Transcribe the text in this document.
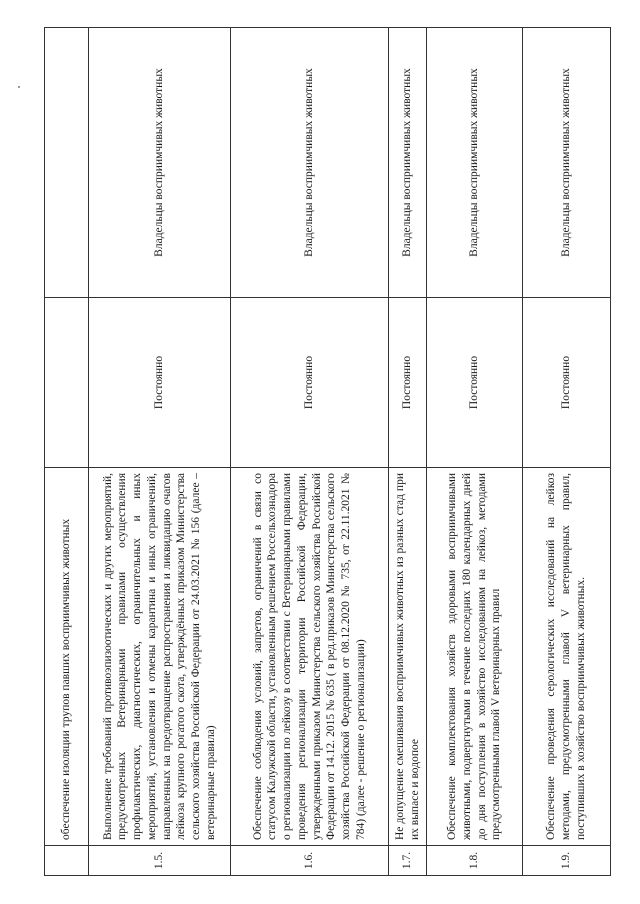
	обеспечение изоляции трупов павших восприимчивых животных		
1.5.	Выполнение требований противоэпизоотических и других мероприятий, предусмотренных Ветеринарными правилами осуществления профилактических, диагностических, ограничительных и иных мероприятий, установления и отмены карантина и иных ограничений, направленных на предотвращение распространения и ликвидацию очагов лейкоза крупного рогатого скота, утверждённых приказом Министерства сельского хозяйства Российской Федерации от 24.03.2021 № 156 (далее – ветеринарные правила)	Постоянно	Владельцы восприимчивых животных
1.6.	Обеспечение соблюдения условий, запретов, ограничений в связи со статусом Калужской области, установленным решением Россельхознадора о регионализации по лейкозу в соответствии с Ветеринарными правилами проведения регионализации территории Российской Федерации, утвержденными приказом Министерства сельского хозяйства Российской Федерации от 14.12. 2015 № 635 ( в ред.приказов Министерства сельского хозяйства Российской Федерации от 08.12.2020 № 735, от 22.11.2021 № 784) (далее - решение о регионализации)	Постоянно	Владельцы восприимчивых животных
1.7.	Не допущение смешивания восприимчивых животных из разных стад при их выпасе и водопое	Постоянно	Владельцы восприимчивых животных
1.8.	Обеспечение комплектования хозяйств здоровыми восприимчивыми животными, подвергнутыми в течение последних 180 календарных дней до дня поступления в хозяйство исследованиям на лейкоз, методами предусмотренными главой V ветеринарных правил	Постоянно	Владельцы восприимчивых животных
1.9.	Обеспечение проведения серологических исследований на лейкоз методами, предусмотренными главой V ветеринарных правил, поступивших в хозяйство восприимчивых животных.	Постоянно	Владельцы восприимчивых животных
